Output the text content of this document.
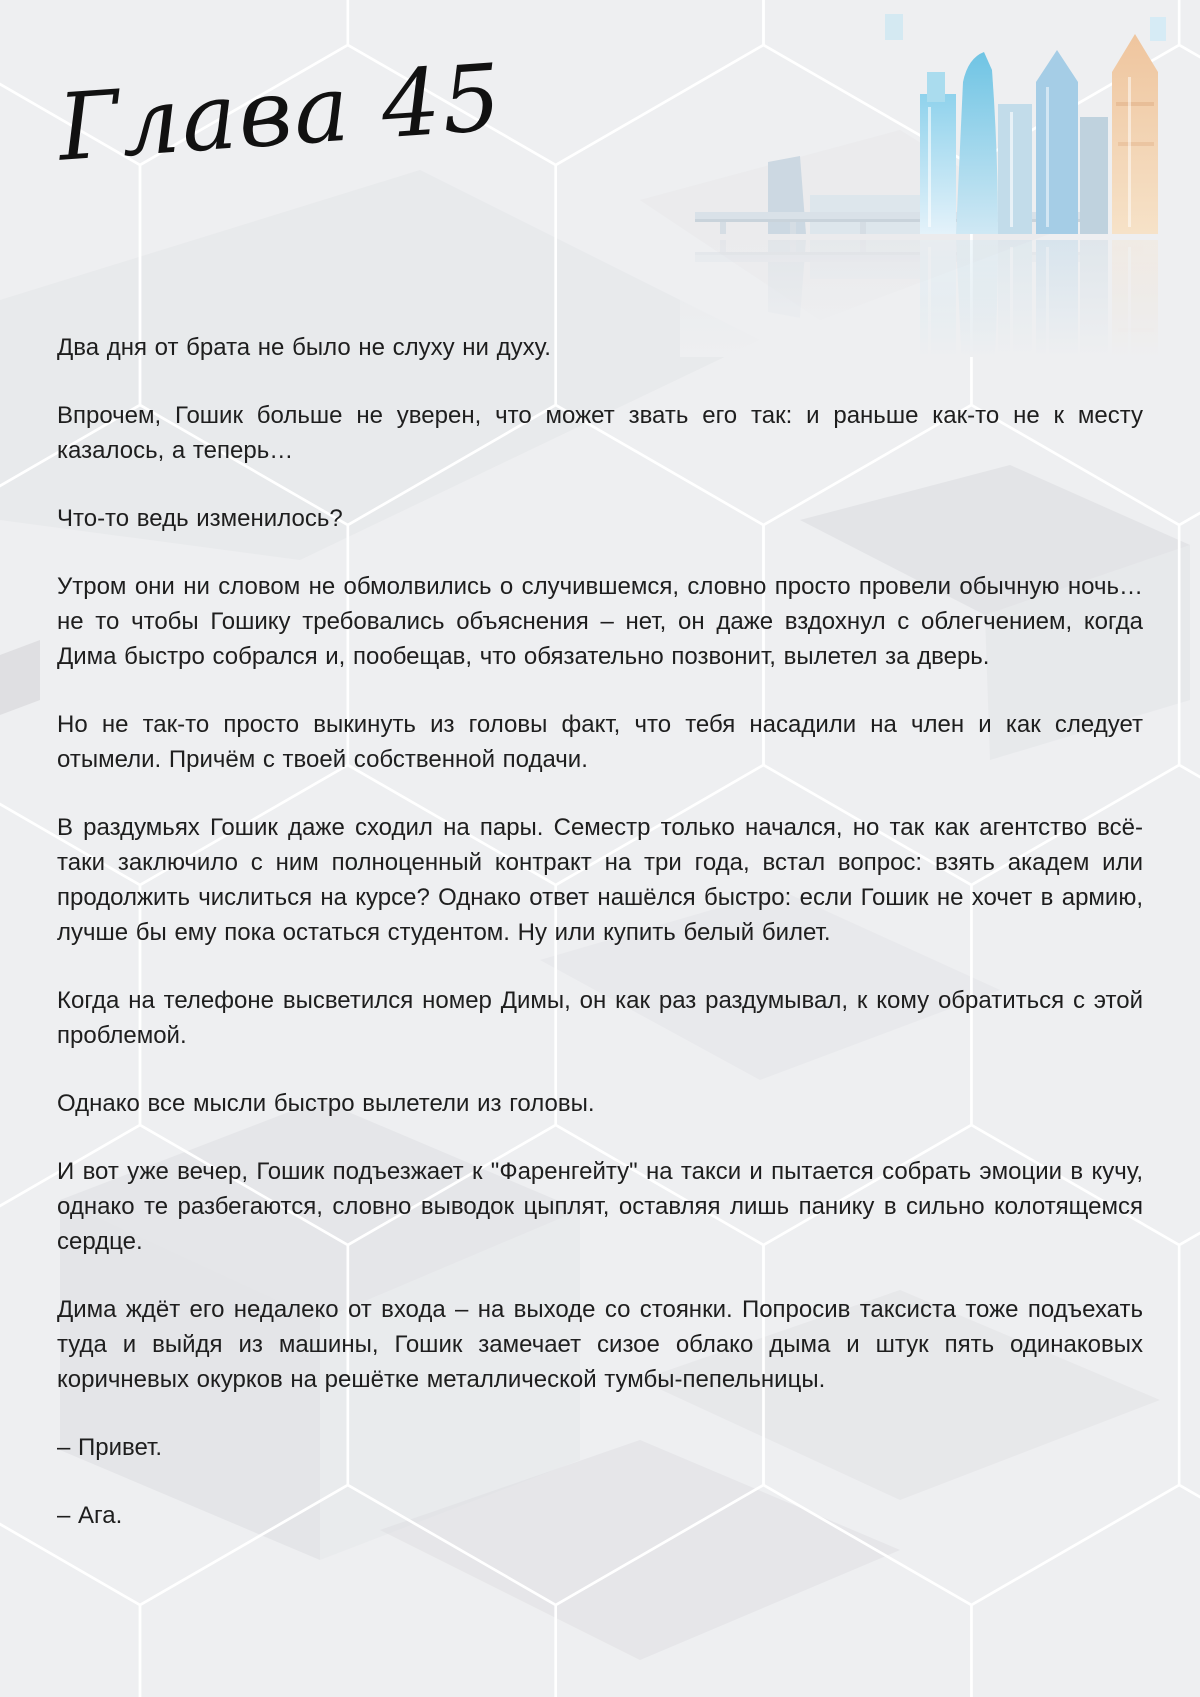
Глава 45

Два дня от брата не было не слуху ни духу.

Впрочем, Гошик больше не уверен, что может звать его так: и раньше как-то не к месту казалось, а теперь…

Что-то ведь изменилось?

Утром они ни словом не обмолвились о случившемся, словно просто провели обычную ночь… не то чтобы Гошику требовались объяснения – нет, он даже вздохнул с облегчением, когда Дима быстро собрался и, пообещав, что обязательно позвонит, вылетел за дверь.

Но не так-то просто выкинуть из головы факт, что тебя насадили на член и как следует отымели. Причём с твоей собственной подачи.

В раздумьях Гошик даже сходил на пары. Семестр только начался, но так как агентство всё-таки заключило с ним полноценный контракт на три года, встал вопрос: взять академ или продолжить числиться на курсе? Однако ответ нашёлся быстро: если Гошик не хочет в армию, лучше бы ему пока остаться студентом. Ну или купить белый билет.

Когда на телефоне высветился номер Димы, он как раз раздумывал, к кому обратиться с этой проблемой.

Однако все мысли быстро вылетели из головы.

И вот уже вечер, Гошик подъезжает к "Фаренгейту" на такси и пытается собрать эмоции в кучу, однако те разбегаются, словно выводок цыплят, оставляя лишь панику в сильно колотящемся сердце.

Дима ждёт его недалеко от входа – на выходе со стоянки. Попросив таксиста тоже подъехать туда и выйдя из машины, Гошик замечает сизое облако дыма и штук пять одинаковых коричневых окурков на решётке металлической тумбы-пепельницы.

– Привет.

– Ага.
